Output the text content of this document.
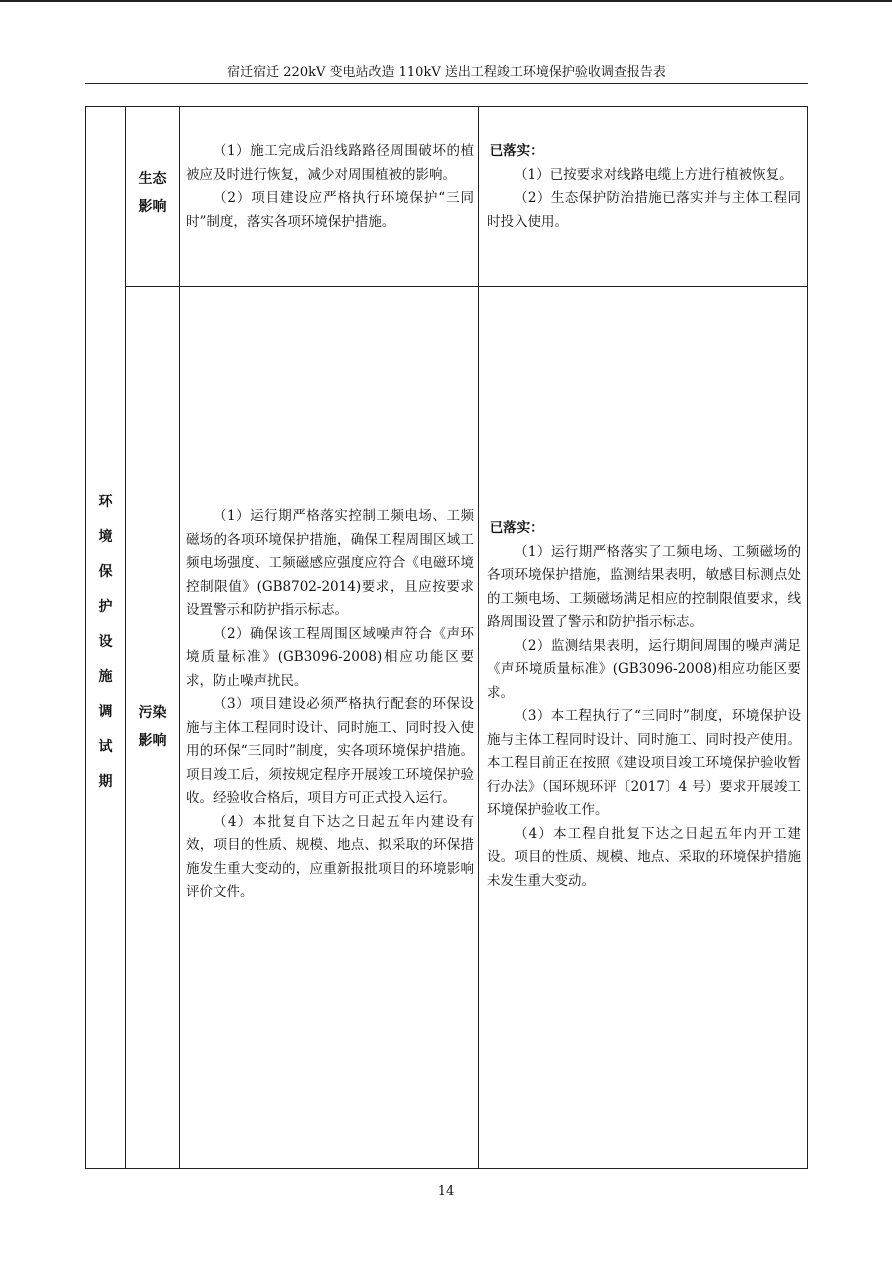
宿迁宿迁 220kV 变电站改造 110kV 送出工程竣工环境保护验收调查报告表
环
境
保
护
设
施
调
试
期
生态
影响

（1）施工完成后沿线路路径周围破坏的植被应及时进行恢复，减少对周围植被的影响。

（2）项目建设应严格执行环境保护“三同时”制度，落实各项环境保护措施。

已落实：

（1）已按要求对线路电缆上方进行植被恢复。

（2）生态保护防治措施已落实并与主体工程同时投入使用。

污染
影响

（1）运行期严格落实控制工频电场、工频磁场的各项环境保护措施，确保工程周围区域工频电场强度、工频磁感应强度应符合《电磁环境控制限值》(GB8702-2014)要求，且应按要求设置警示和防护指示标志。

（2）确保该工程周围区域噪声符合《声环境质量标准》(GB3096-2008)相应功能区要求，防止噪声扰民。

（3）项目建设必须严格执行配套的环保设施与主体工程同时设计、同时施工、同时投入使用的环保“三同时”制度，实各项环境保护措施。项目竣工后，须按规定程序开展竣工环境保护验收。经验收合格后，项目方可正式投入运行。

（4）本批复自下达之日起五年内建设有效，项目的性质、规模、地点、拟采取的环保措施发生重大变动的，应重新报批项目的环境影响评价文件。

已落实：

（1）运行期严格落实了工频电场、工频磁场的各项环境保护措施，监测结果表明，敏感目标测点处的工频电场、工频磁场满足相应的控制限值要求，线路周围设置了警示和防护指示标志。

（2）监测结果表明，运行期间周围的噪声满足《声环境质量标准》(GB3096-2008)相应功能区要求。

（3）本工程执行了“三同时”制度，环境保护设施与主体工程同时设计、同时施工、同时投产使用。本工程目前正在按照《建设项目竣工环境保护验收暂行办法》（国环规环评〔2017〕4 号）要求开展竣工环境保护验收工作。

（4）本工程自批复下达之日起五年内开工建设。项目的性质、规模、地点、采取的环境保护措施未发生重大变动。

14
